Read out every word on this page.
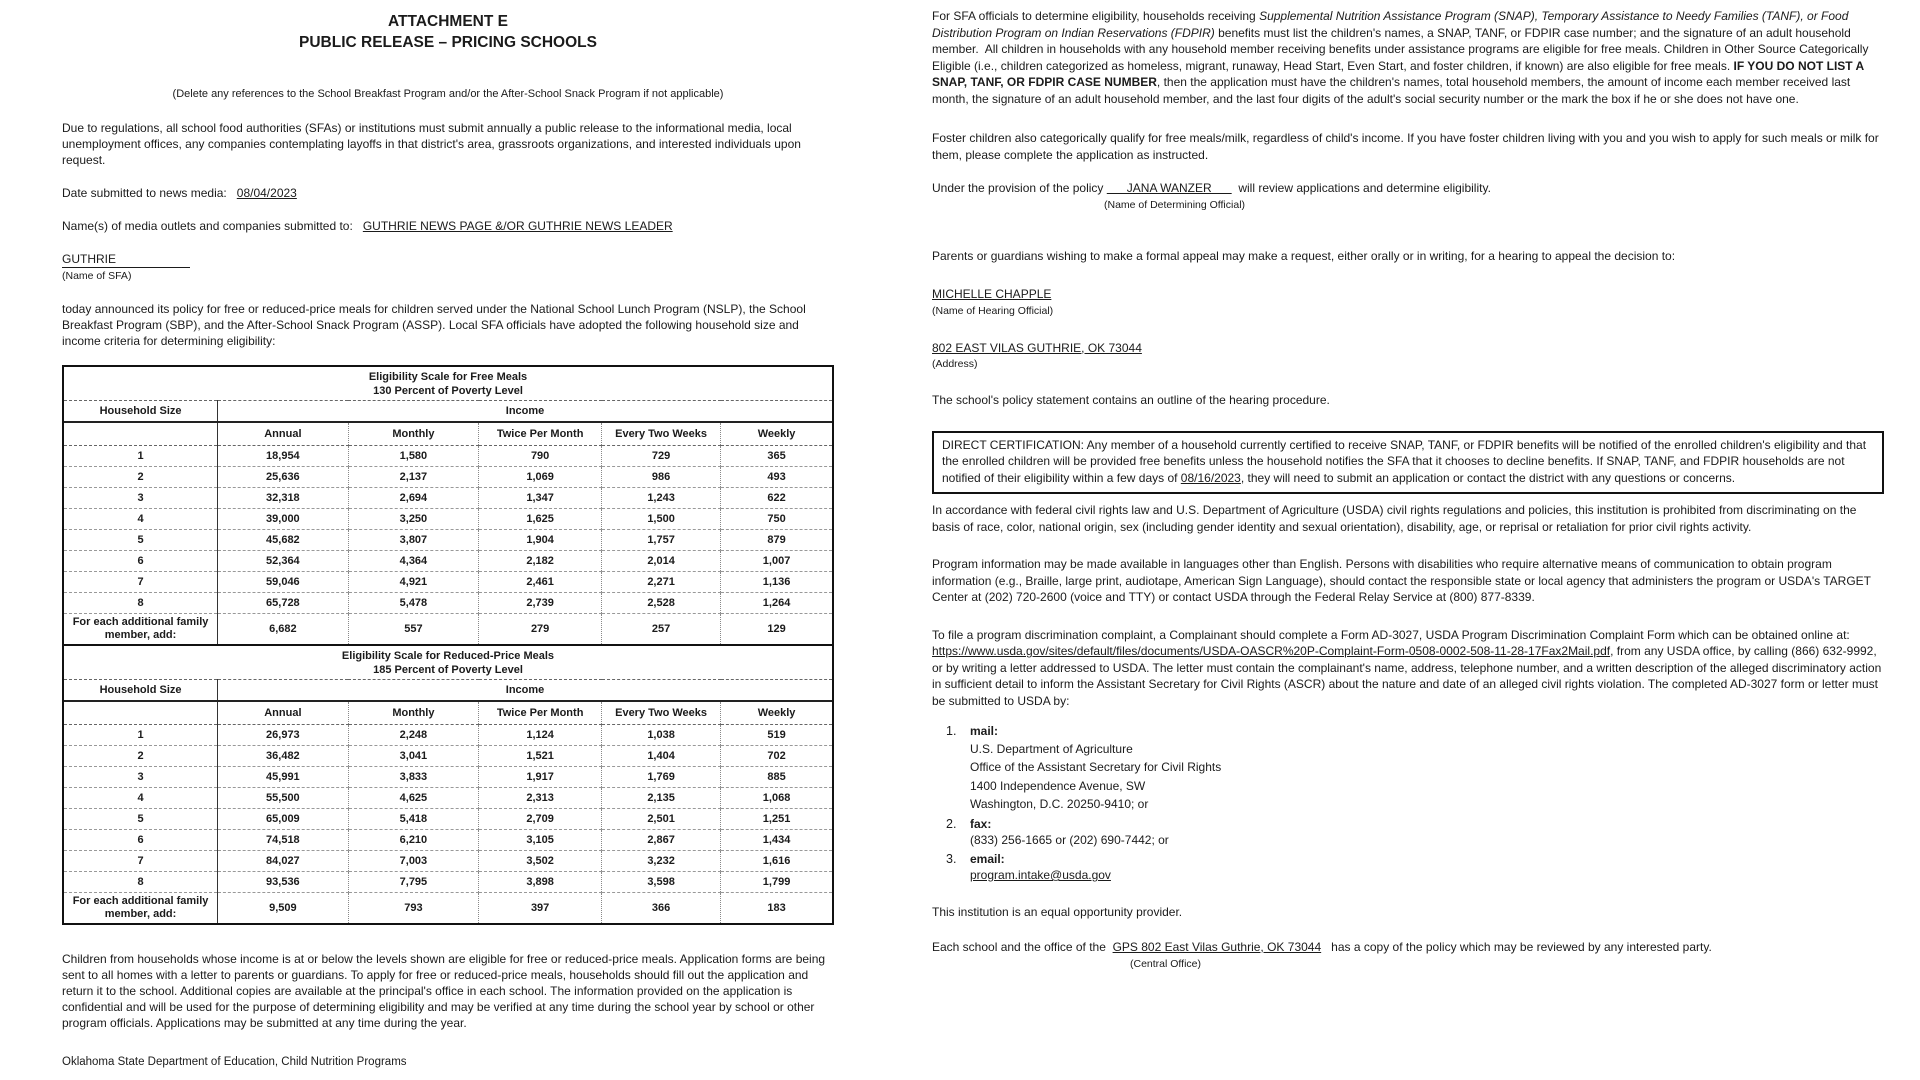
ATTACHMENT E
PUBLIC RELEASE – PRICING SCHOOLS
(Delete any references to the School Breakfast Program and/or the After-School Snack Program if not applicable)
Due to regulations, all school food authorities (SFAs) or institutions must submit annually a public release to the informational media, local unemployment offices, any companies contemplating layoffs in that district's area, grassroots organizations, and interested individuals upon request.
Date submitted to news media: 08/04/2023
Name(s) of media outlets and companies submitted to: GUTHRIE NEWS PAGE &/OR GUTHRIE NEWS LEADER
GUTHRIE
(Name of SFA)
today announced its policy for free or reduced-price meals for children served under the National School Lunch Program (NSLP), the School Breakfast Program (SBP), and the After-School Snack Program (ASSP). Local SFA officials have adopted the following household size and income criteria for determining eligibility:
Eligibility Scale for Free Meals
130 Percent of Poverty Level					

Household Size	Income				
	Annual	Monthly	Twice Per Month	Every Two Weeks	Weekly
1	18,954	1,580	790	729	365
2	25,636	2,137	1,069	986	493
3	32,318	2,694	1,347	1,243	622
4	39,000	3,250	1,625	1,500	750
5	45,682	3,807	1,904	1,757	879
6	52,364	4,364	2,182	2,014	1,007
7	59,046	4,921	2,461	2,271	1,136
8	65,728	5,478	2,739	2,528	1,264
For each additional family member, add:	6,682	557	279	257	129
Eligibility Scale for Reduced-Price Meals
185 Percent of Poverty Level					

Household Size	Income				
	Annual	Monthly	Twice Per Month	Every Two Weeks	Weekly
1	26,973	2,248	1,124	1,038	519
2	36,482	3,041	1,521	1,404	702
3	45,991	3,833	1,917	1,769	885
4	55,500	4,625	2,313	2,135	1,068
5	65,009	5,418	2,709	2,501	1,251
6	74,518	6,210	3,105	2,867	1,434
7	84,027	7,003	3,502	3,232	1,616
8	93,536	7,795	3,898	3,598	1,799
For each additional family member, add:	9,509	793	397	366	183
Children from households whose income is at or below the levels shown are eligible for free or reduced-price meals. Application forms are being sent to all homes with a letter to parents or guardians. To apply for free or reduced-price meals, households should fill out the application and return it to the school. Additional copies are available at the principal's office in each school. The information provided on the application is confidential and will be used for the purpose of determining eligibility and may be verified at any time during the school year by school or other program officials. Applications may be submitted at any time during the year.
Oklahoma State Department of Education, Child Nutrition Programs
For SFA officials to determine eligibility, households receiving Supplemental Nutrition Assistance Program (SNAP), Temporary Assistance to Needy Families (TANF), or Food Distribution Program on Indian Reservations (FDPIR) benefits must list the children's names, a SNAP, TANF, or FDPIR case number; and the signature of an adult household member.  All children in households with any household member receiving benefits under assistance programs are eligible for free meals. Children in Other Source Categorically Eligible (i.e., children categorized as homeless, migrant, runaway, Head Start, Even Start, and foster children, if known) are also eligible for free meals. IF YOU DO NOT LIST A SNAP, TANF, OR FDPIR CASE NUMBER, then the application must have the children's names, total household members, the amount of income each member received last month, the signature of an adult household member, and the last four digits of the adult's social security number or the mark the box if he or she does not have one.
Foster children also categorically qualify for free meals/milk, regardless of child's income. If you have foster children living with you and you wish to apply for such meals or milk for them, please complete the application as instructed.
Under the provision of the policy       JANA WANZER        will review applications and determine eligibility.
(Name of Determining Official)
Parents or guardians wishing to make a formal appeal may make a request, either orally or in writing, for a hearing to appeal the decision to:
MICHELLE CHAPPLE
(Name of Hearing Official)
802 EAST VILAS GUTHRIE, OK 73044
(Address)
The school's policy statement contains an outline of the hearing procedure.
DIRECT CERTIFICATION: Any member of a household currently certified to receive SNAP, TANF, or FDPIR benefits will be notified of the enrolled children's eligibility and that the enrolled children will be provided free benefits unless the household notifies the SFA that it chooses to decline benefits. If SNAP, TANF, and FDPIR households are not notified of their eligibility within a few days of 08/16/2023, they will need to submit an application or contact the district with any questions or concerns.
In accordance with federal civil rights law and U.S. Department of Agriculture (USDA) civil rights regulations and policies, this institution is prohibited from discriminating on the basis of race, color, national origin, sex (including gender identity and sexual orientation), disability, age, or reprisal or retaliation for prior civil rights activity.
Program information may be made available in languages other than English. Persons with disabilities who require alternative means of communication to obtain program information (e.g., Braille, large print, audiotape, American Sign Language), should contact the responsible state or local agency that administers the program or USDA's TARGET Center at (202) 720-2600 (voice and TTY) or contact USDA through the Federal Relay Service at (800) 877-8339.
To file a program discrimination complaint, a Complainant should complete a Form AD-3027, USDA Program Discrimination Complaint Form which can be obtained online at: https://www.usda.gov/sites/default/files/documents/USDA-OASCR%20P-Complaint-Form-0508-0002-508-11-28-17Fax2Mail.pdf, from any USDA office, by calling (866) 632-9992, or by writing a letter addressed to USDA. The letter must contain the complainant's name, address, telephone number, and a written description of the alleged discriminatory action in sufficient detail to inform the Assistant Secretary for Civil Rights (ASCR) about the nature and date of an alleged civil rights violation. The completed AD-3027 form or letter must be submitted to USDA by:
1.	mail:
U.S. Department of Agriculture
Office of the Assistant Secretary for Civil Rights
1400 Independence Avenue, SW
Washington, D.C. 20250-9410; or
2.	fax:
(833) 256-1665 or (202) 690-7442; or
3.	email:
program.intake@usda.gov
This institution is an equal opportunity provider.
Each school and the office of the  GPS 802 East Vilas Guthrie, OK 73044   has a copy of the policy which may be reviewed by any interested party.
(Central Office)
